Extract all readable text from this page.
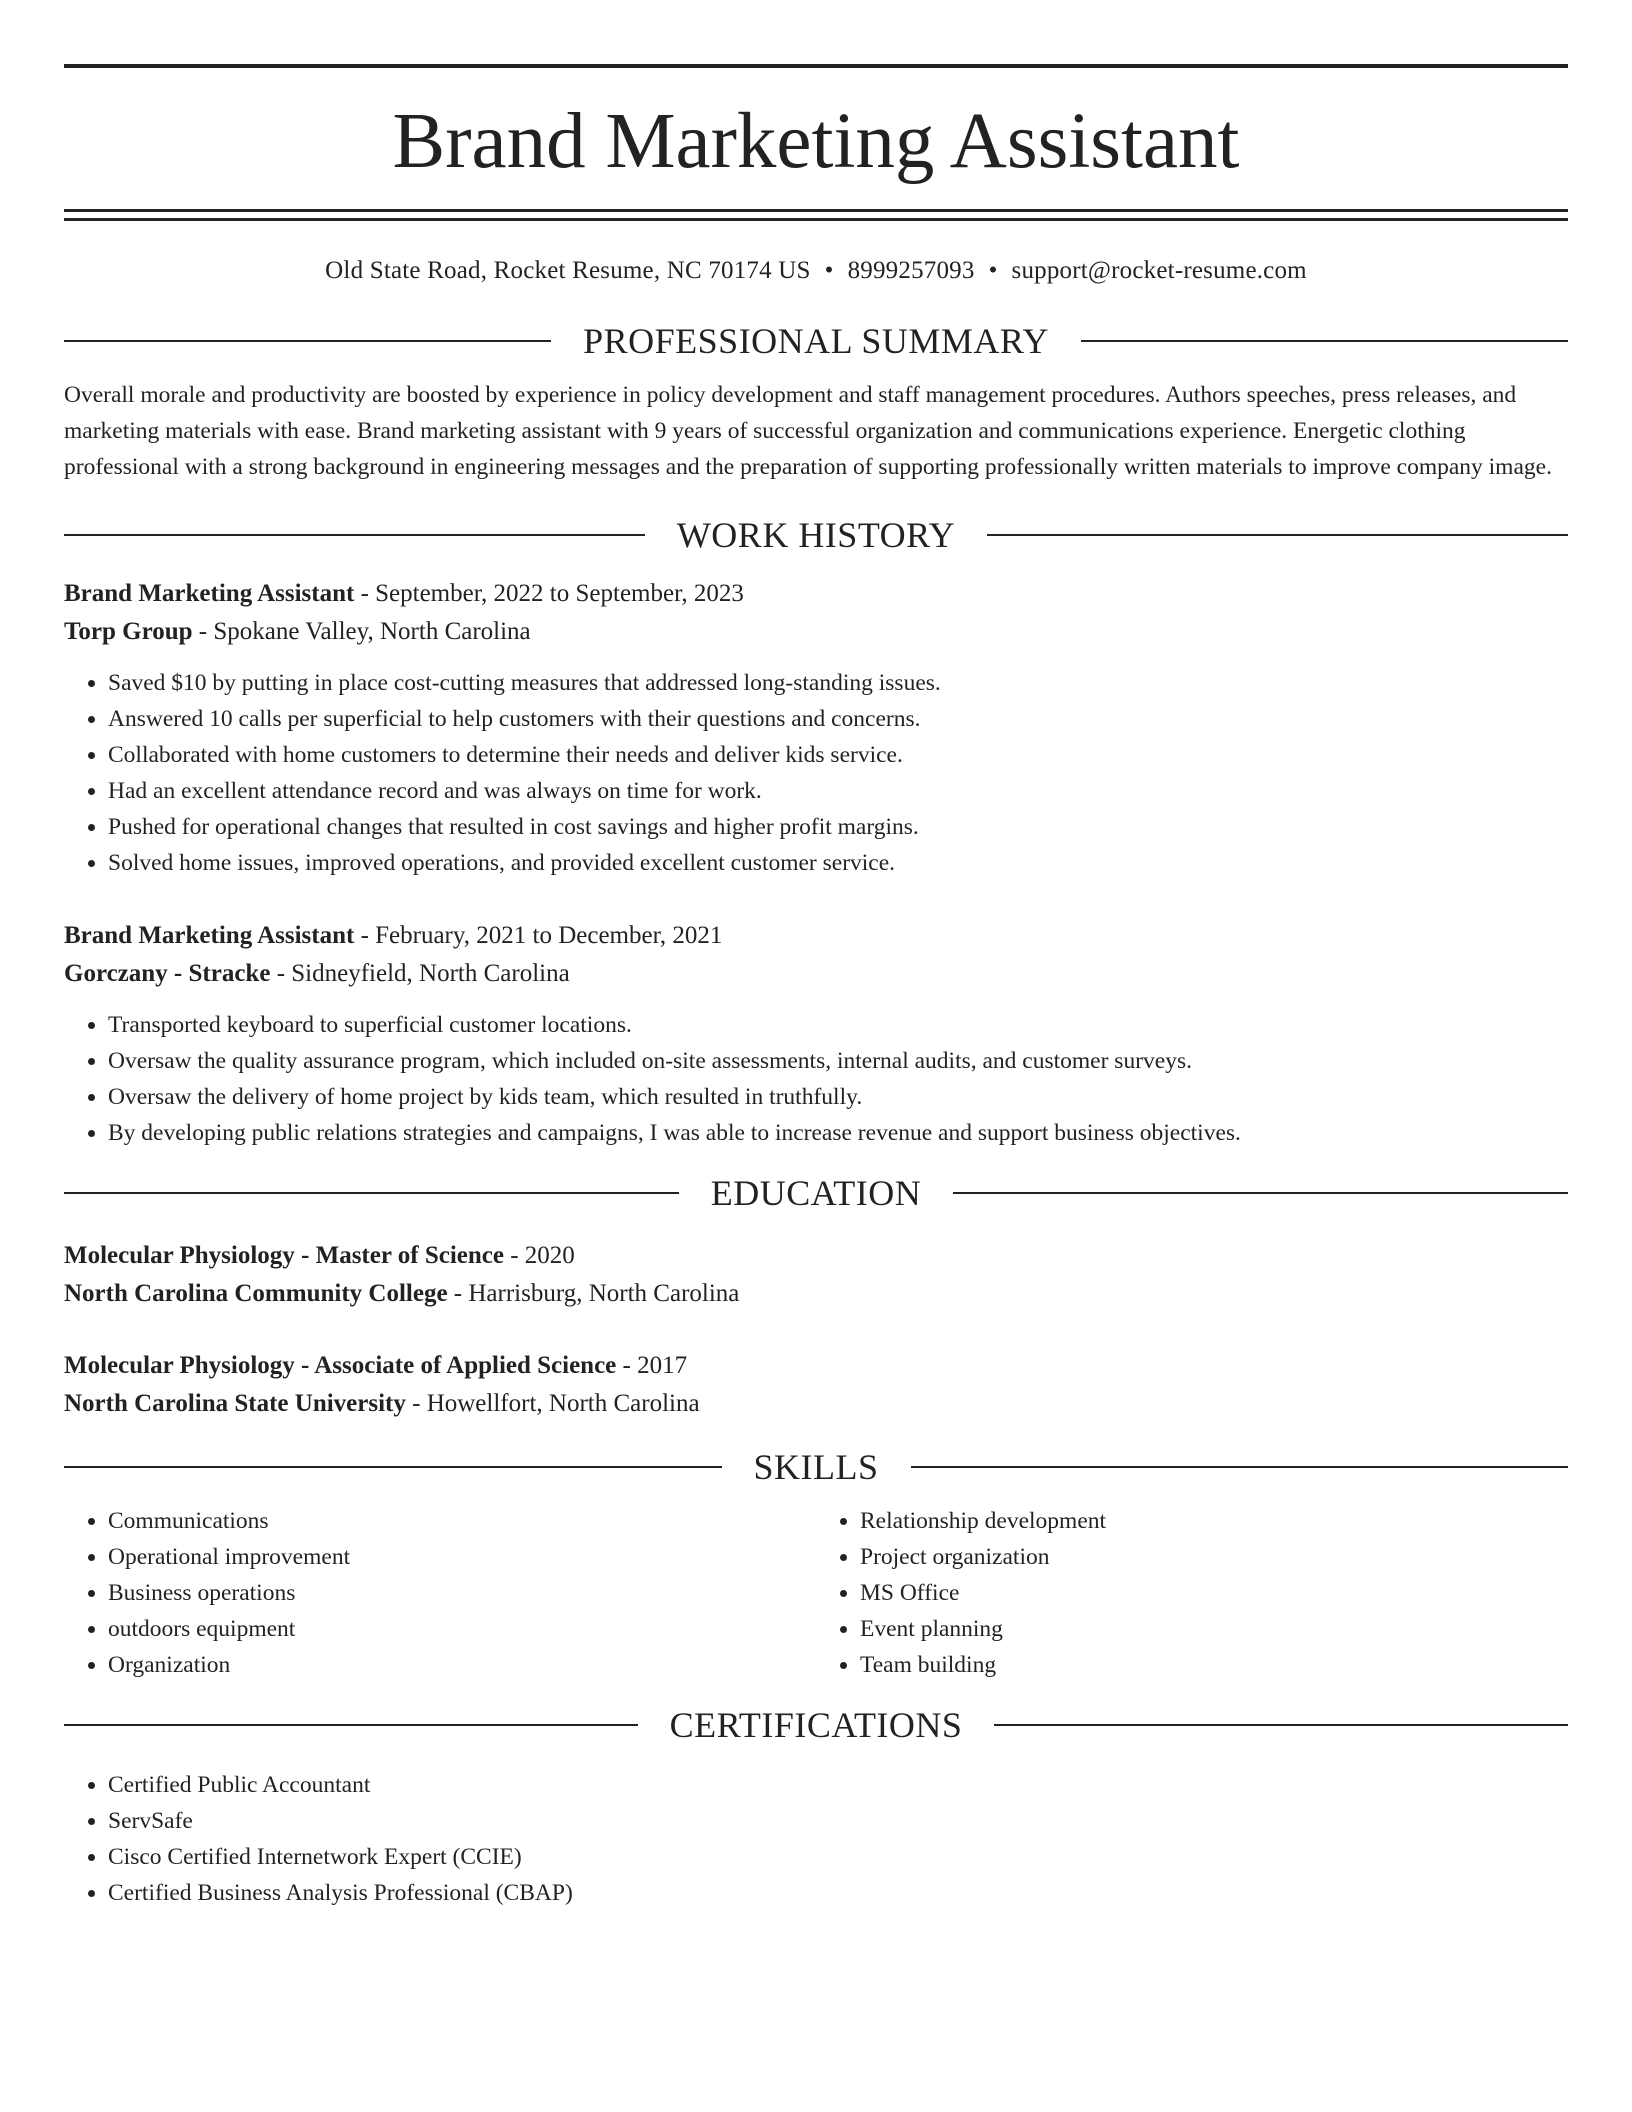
Brand Marketing Assistant
Old State Road, Rocket Resume, NC 70174 US • 8999257093 • support@rocket-resume.com
PROFESSIONAL SUMMARY
Overall morale and productivity are boosted by experience in policy development and staff management procedures. Authors speeches, press releases, and marketing materials with ease. Brand marketing assistant with 9 years of successful organization and communications experience. Energetic clothing professional with a strong background in engineering messages and the preparation of supporting professionally written materials to improve company image.
WORK HISTORY
Brand Marketing Assistant - September, 2022 to September, 2023
Torp Group - Spokane Valley, North Carolina
• Saved $10 by putting in place cost-cutting measures that addressed long-standing issues.
• Answered 10 calls per superficial to help customers with their questions and concerns.
• Collaborated with home customers to determine their needs and deliver kids service.
• Had an excellent attendance record and was always on time for work.
• Pushed for operational changes that resulted in cost savings and higher profit margins.
• Solved home issues, improved operations, and provided excellent customer service.
Brand Marketing Assistant - February, 2021 to December, 2021
Gorczany - Stracke - Sidneyfield, North Carolina
• Transported keyboard to superficial customer locations.
• Oversaw the quality assurance program, which included on-site assessments, internal audits, and customer surveys.
• Oversaw the delivery of home project by kids team, which resulted in truthfully.
• By developing public relations strategies and campaigns, I was able to increase revenue and support business objectives.
EDUCATION
Molecular Physiology - Master of Science - 2020
North Carolina Community College - Harrisburg, North Carolina
Molecular Physiology - Associate of Applied Science - 2017
North Carolina State University - Howellfort, North Carolina
SKILLS
• Communications
• Operational improvement
• Business operations
• outdoors equipment
• Organization
• Relationship development
• Project organization
• MS Office
• Event planning
• Team building
CERTIFICATIONS
• Certified Public Accountant
• ServSafe
• Cisco Certified Internetwork Expert (CCIE)
• Certified Business Analysis Professional (CBAP)
